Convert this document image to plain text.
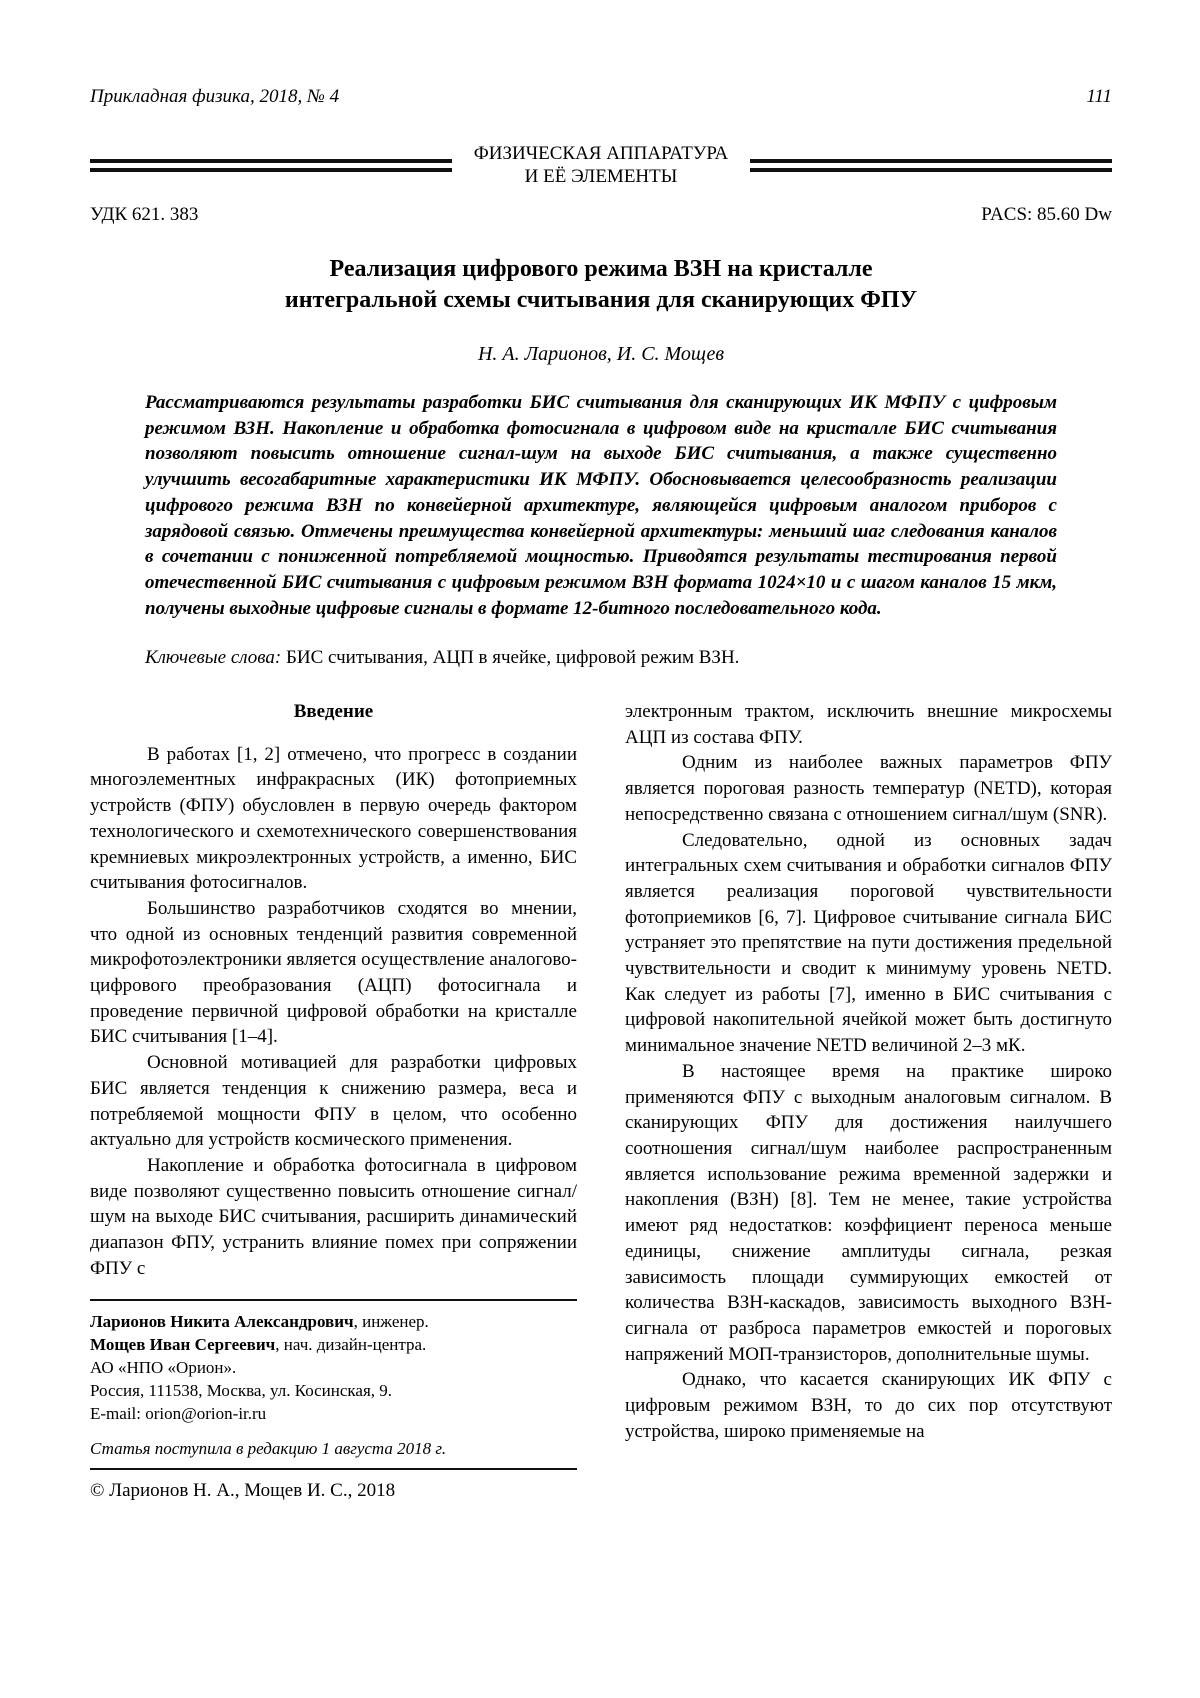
Прикладная физика, 2018, № 4	111
ФИЗИЧЕСКАЯ АППАРАТУРА
И ЕЁ ЭЛЕМЕНТЫ
УДК 621. 383	PACS: 85.60 Dw
Реализация цифрового режима ВЗН на кристалле
интегральной схемы считывания для сканирующих ФПУ
Н. А. Ларионов, И. С. Мощев
Рассматриваются результаты разработки БИС считывания для сканирующих ИК МФПУ с цифровым режимом ВЗН. Накопление и обработка фотосигнала в цифровом виде на кристалле БИС считывания позволяют повысить отношение сигнал-шум на выходе БИС считывания, а также существенно улучшить весогабаритные характеристики ИК МФПУ. Обосновывается целесообразность реализации цифрового режима ВЗН по конвейерной архитектуре, являющейся цифровым аналогом приборов с зарядовой связью. Отмечены преимущества конвейерной архитектуры: меньший шаг следования каналов в сочетании с пониженной потребляемой мощностью. Приводятся результаты тестирования первой отечественной БИС считывания с цифровым режимом ВЗН формата 1024×10 и с шагом каналов 15 мкм, получены выходные цифровые сигналы в формате 12-битного последовательного кода.
Ключевые слова: БИС считывания, АЦП в ячейке, цифровой режим ВЗН.
Введение

В работах [1, 2] отмечено, что прогресс в создании многоэлементных инфракрасных (ИК) фотоприемных устройств (ФПУ) обусловлен в первую очередь фактором технологического и схемотехнического совершенствования кремниевых микроэлектронных устройств, а именно, БИС считывания фотосигналов.

Большинство разработчиков сходятся во мнении, что одной из основных тенденций развития современной микрофотоэлектроники является осуществление аналогово-цифрового преобразования (АЦП) фотосигнала и проведение первичной цифровой обработки на кристалле БИС считывания [1–4].

Основной мотивацией для разработки цифровых БИС является тенденция к снижению размера, веса и потребляемой мощности ФПУ в целом, что особенно актуально для устройств космического применения.

Накопление и обработка фотосигнала в цифровом виде позволяют существенно повысить отношение сигнал/шум на выходе БИС считывания, расширить динамический диапазон ФПУ, устранить влияние помех при сопряжении ФПУ с

Ларионов Никита Александрович, инженер.
Мощев Иван Сергеевич, нач. дизайн-центра.
АО «НПО «Орион».
Россия, 111538, Москва, ул. Косинская, 9.
E-mail: orion@orion-ir.ru
Статья поступила в редакцию 1 августа 2018 г.
© Ларионов Н. А., Мощев И. С., 2018

электронным трактом, исключить внешние микросхемы АЦП из состава ФПУ.

Одним из наиболее важных параметров ФПУ является пороговая разность температур (NETD), которая непосредственно связана с отношением сигнал/шум (SNR).

Следовательно, одной из основных задач интегральных схем считывания и обработки сигналов ФПУ является реализация пороговой чувствительности фотоприемиков [6, 7]. Цифровое считывание сигнала БИС устраняет это препятствие на пути достижения предельной чувствительности и сводит к минимуму уровень NETD. Как следует из работы [7], именно в БИС считывания с цифровой накопительной ячейкой может быть достигнуто минимальное значение NETD величиной 2–3 мК.

В настоящее время на практике широко применяются ФПУ с выходным аналоговым сигналом. В сканирующих ФПУ для достижения наилучшего соотношения сигнал/шум наиболее распространенным является использование режима временной задержки и накопления (ВЗН) [8]. Тем не менее, такие устройства имеют ряд недостатков: коэффициент переноса меньше единицы, снижение амплитуды сигнала, резкая зависимость площади суммирующих емкостей от количества ВЗН-каскадов, зависимость выходного ВЗН-сигнала от разброса параметров емкостей и пороговых напряжений МОП-транзисторов, дополнительные шумы.

Однако, что касается сканирующих ИК ФПУ с цифровым режимом ВЗН, то до сих пор отсутствуют устройства, широко применяемые на
